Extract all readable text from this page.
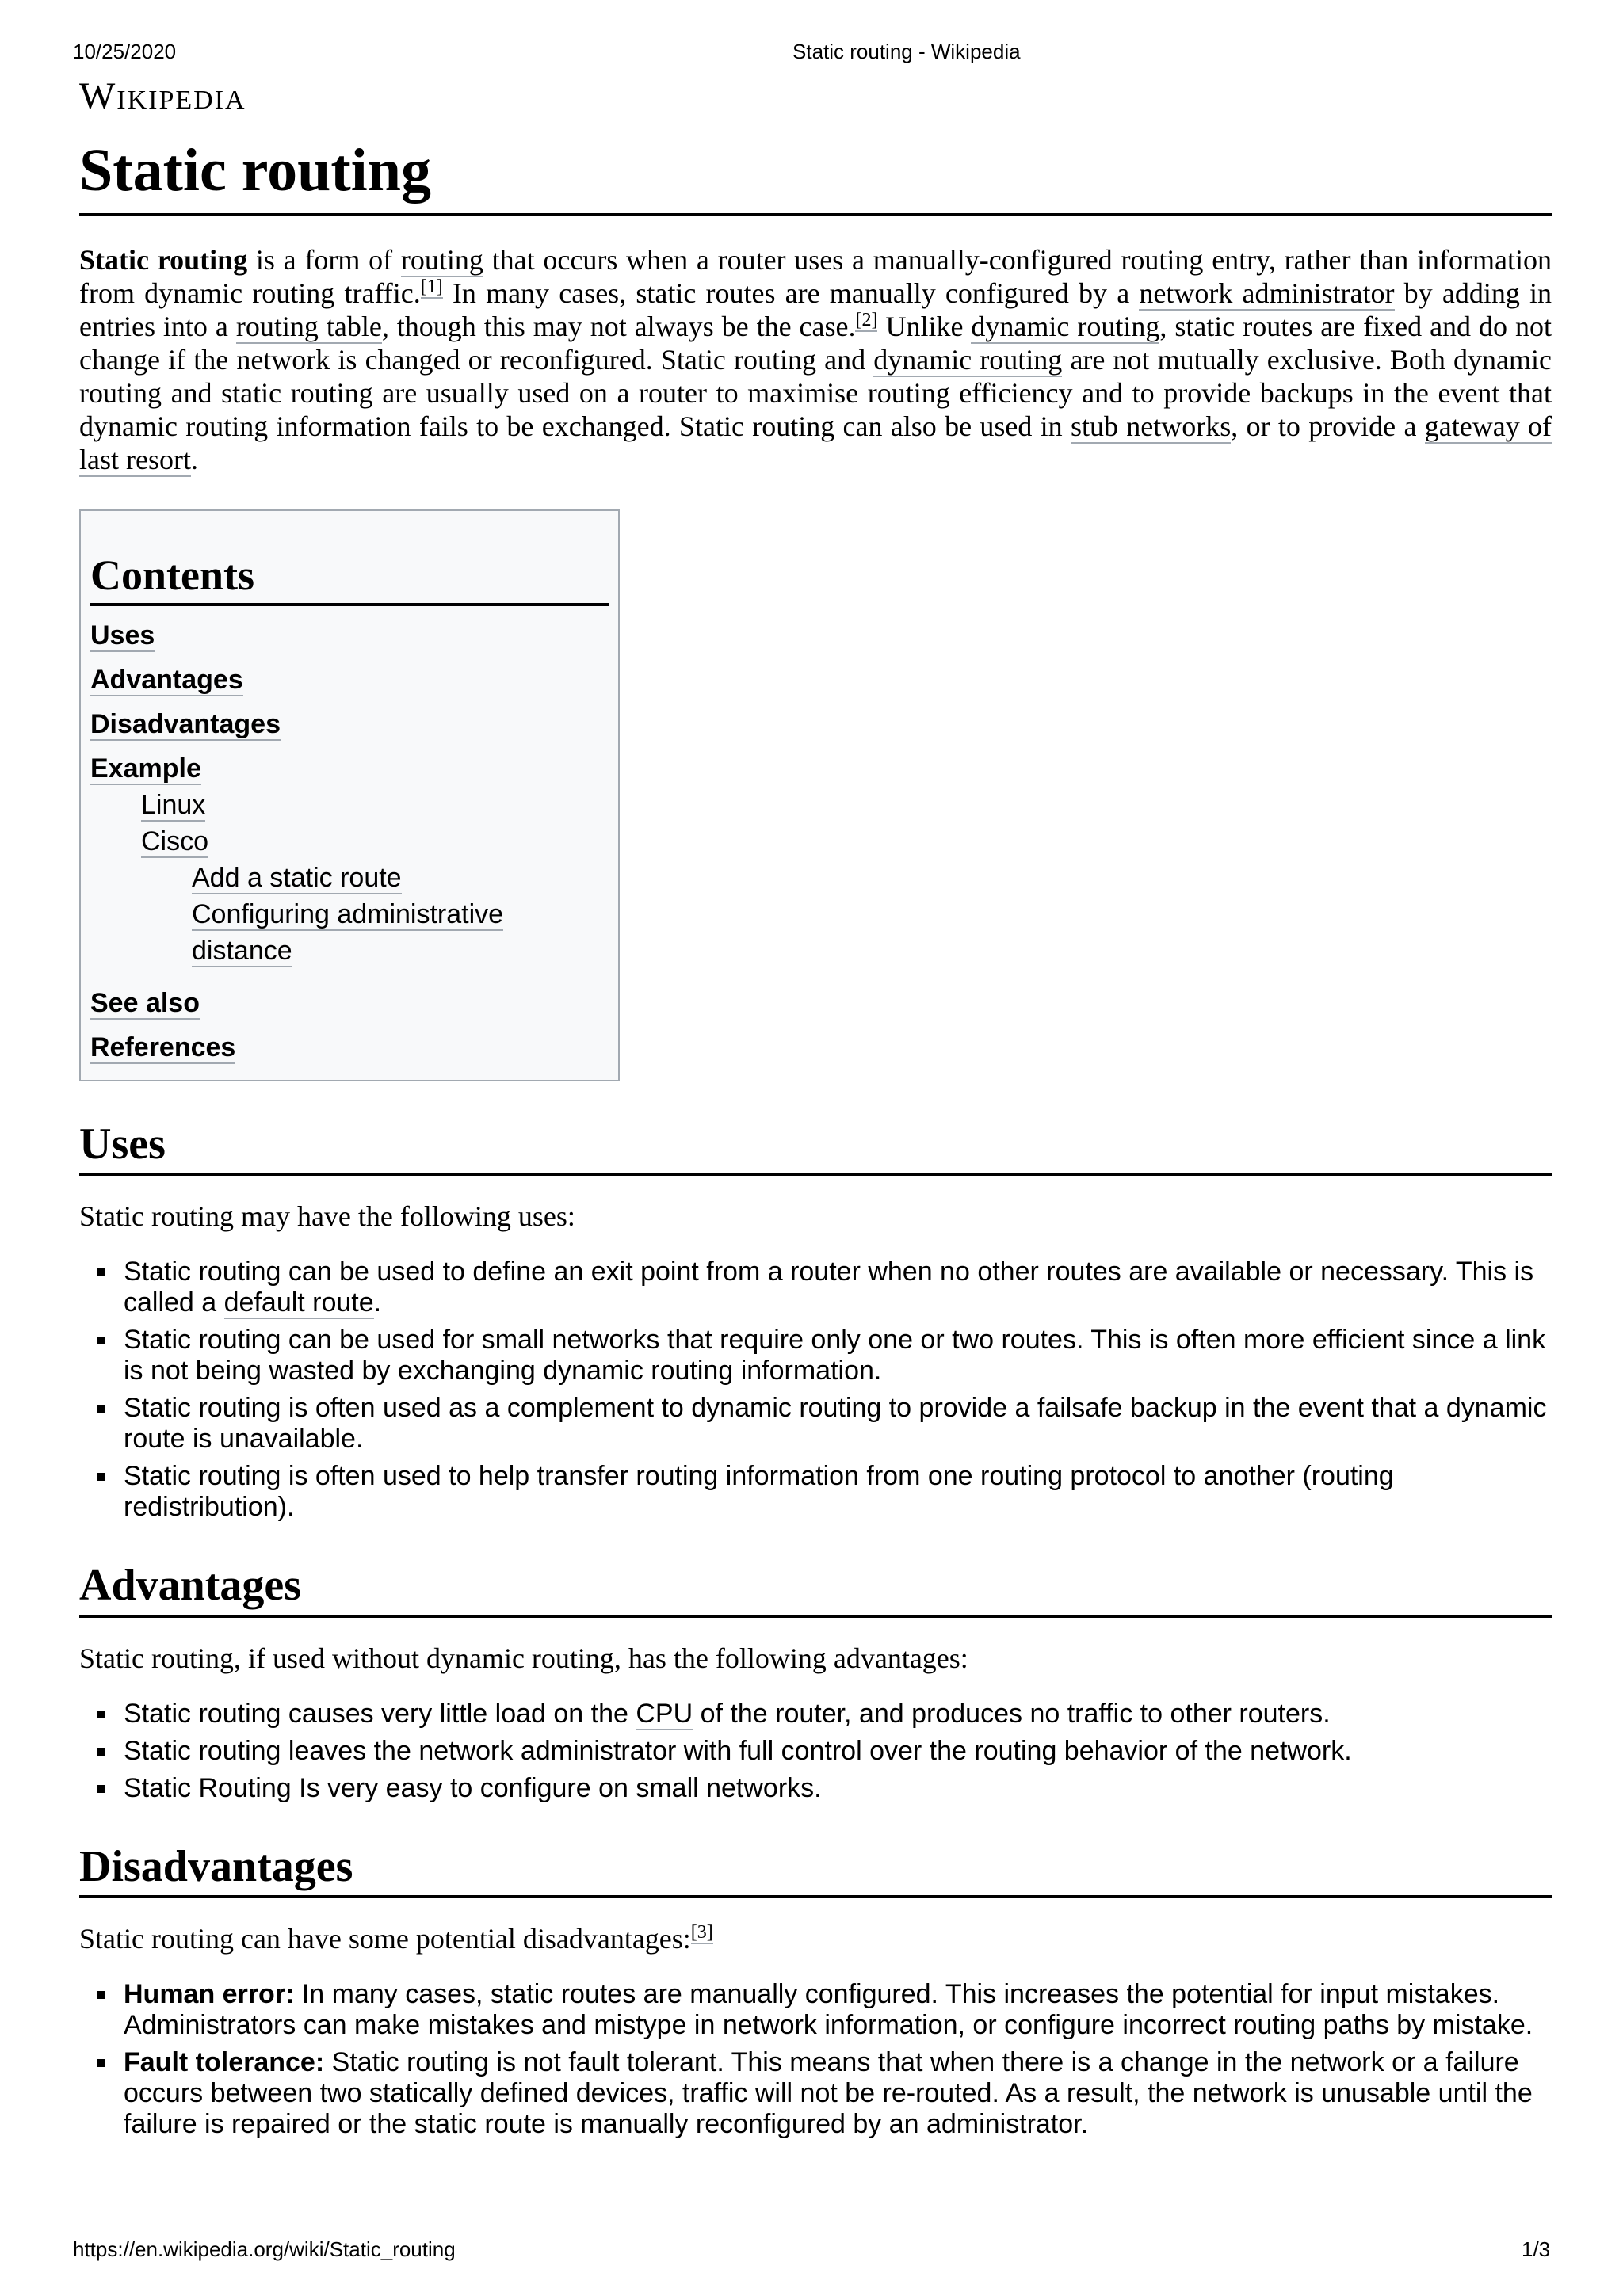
10/25/2020	Static routing - Wikipedia
Wikipedia
Static routing

Static routing is a form of routing that occurs when a router uses a manually-configured routing entry, rather than information from dynamic routing traffic.[1] In many cases, static routes are manually configured by a network administrator by adding in entries into a routing table, though this may not always be the case.[2] Unlike dynamic routing, static routes are fixed and do not change if the network is changed or reconfigured. Static routing and dynamic routing are not mutually exclusive. Both dynamic routing and static routing are usually used on a router to maximise routing efficiency and to provide backups in the event that dynamic routing information fails to be exchanged. Static routing can also be used in stub networks, or to provide a gateway of last resort.

Contents
Uses
Advantages
Disadvantages
Example
Linux
Cisco
Add a static route
Configuring administrative distance
See also
References
Uses

Static routing may have the following uses:

Static routing can be used to define an exit point from a router when no other routes are available or necessary. This is called a default route.
Static routing can be used for small networks that require only one or two routes. This is often more efficient since a link is not being wasted by exchanging dynamic routing information.
Static routing is often used as a complement to dynamic routing to provide a failsafe backup in the event that a dynamic route is unavailable.
Static routing is often used to help transfer routing information from one routing protocol to another (routing redistribution).
Advantages

Static routing, if used without dynamic routing, has the following advantages:

Static routing causes very little load on the CPU of the router, and produces no traffic to other routers.
Static routing leaves the network administrator with full control over the routing behavior of the network.
Static Routing Is very easy to configure on small networks.
Disadvantages

Static routing can have some potential disadvantages:[3]

Human error: In many cases, static routes are manually configured. This increases the potential for input mistakes. Administrators can make mistakes and mistype in network information, or configure incorrect routing paths by mistake.
Fault tolerance: Static routing is not fault tolerant. This means that when there is a change in the network or a failure occurs between two statically defined devices, traffic will not be re-routed. As a result, the network is unusable until the failure is repaired or the static route is manually reconfigured by an administrator.
https://en.wikipedia.org/wiki/Static_routing	1/3
